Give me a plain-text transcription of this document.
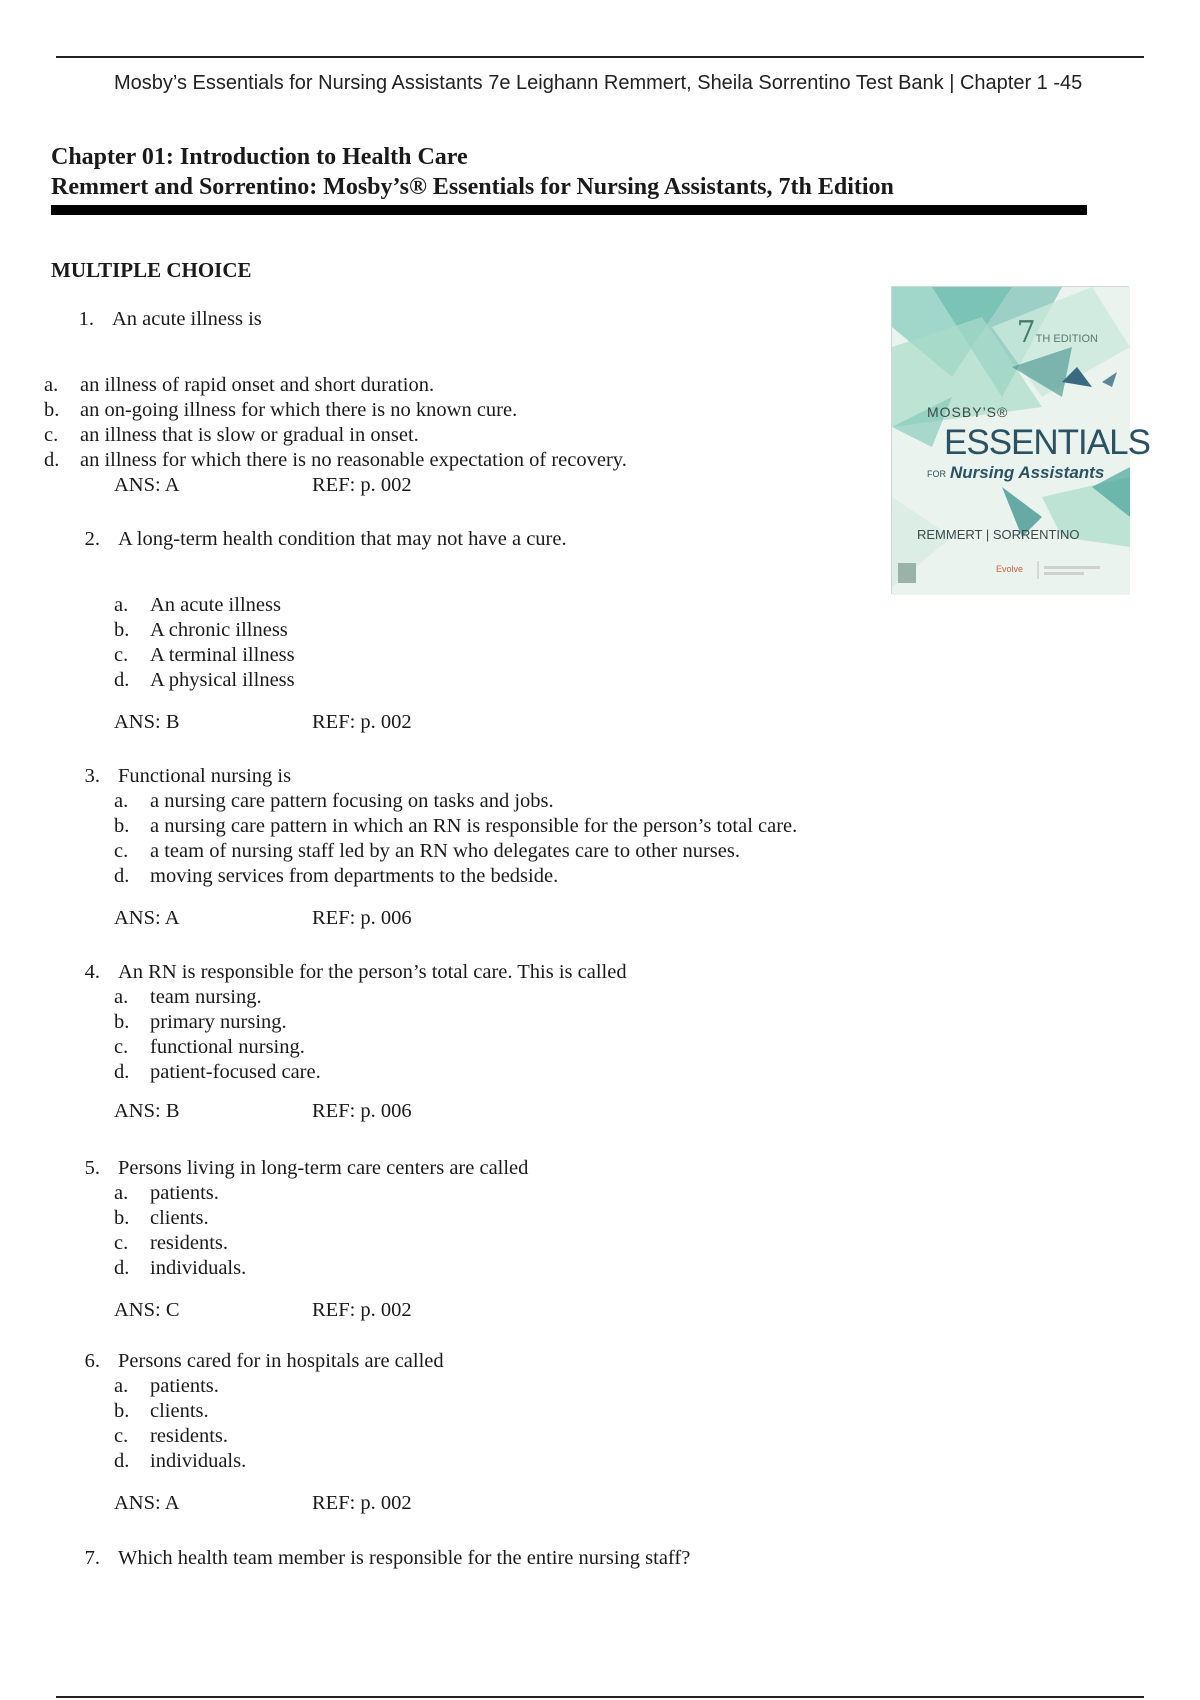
Mosby’s Essentials for Nursing Assistants 7e Leighann Remmert, Sheila Sorrentino Test Bank | Chapter 1 -45
Chapter 01: Introduction to Health Care
Remmert and Sorrentino: Mosby’s® Essentials for Nursing Assistants, 7th Edition
MULTIPLE CHOICE
1. An acute illness is
a.	an illness of rapid onset and short duration.
b.	an on-going illness for which there is no known cure.
c.	an illness that is slow or gradual in onset.
d.	an illness for which there is no reasonable expectation of recovery.
ANS: A	REF: p. 002
2. A long-term health condition that may not have a cure.
a.	An acute illness
b.	A chronic illness
c.	A terminal illness
d.	A physical illness
ANS: B	REF: p. 002
3. Functional nursing is
a.	a nursing care pattern focusing on tasks and jobs.
b.	a nursing care pattern in which an RN is responsible for the person’s total care.
c.	a team of nursing staff led by an RN who delegates care to other nurses.
d.	moving services from departments to the bedside.
ANS: A	REF: p. 006
4. An RN is responsible for the person’s total care. This is called
a.	team nursing.
b.	primary nursing.
c.	functional nursing.
d.	patient-focused care.
ANS: B	REF: p. 006
5. Persons living in long-term care centers are called
a.	patients.
b.	clients.
c.	residents.
d.	individuals.
ANS: C	REF: p. 002
6. Persons cared for in hospitals are called
a.	patients.
b.	clients.
c.	residents.
d.	individuals.
ANS: A	REF: p. 002
7. Which health team member is responsible for the entire nursing staff?
7TH EDITION
MOSBY’S®
ESSENTIALS
FOR Nursing Assistants
REMMERT | SORRENTINO
Evolve
